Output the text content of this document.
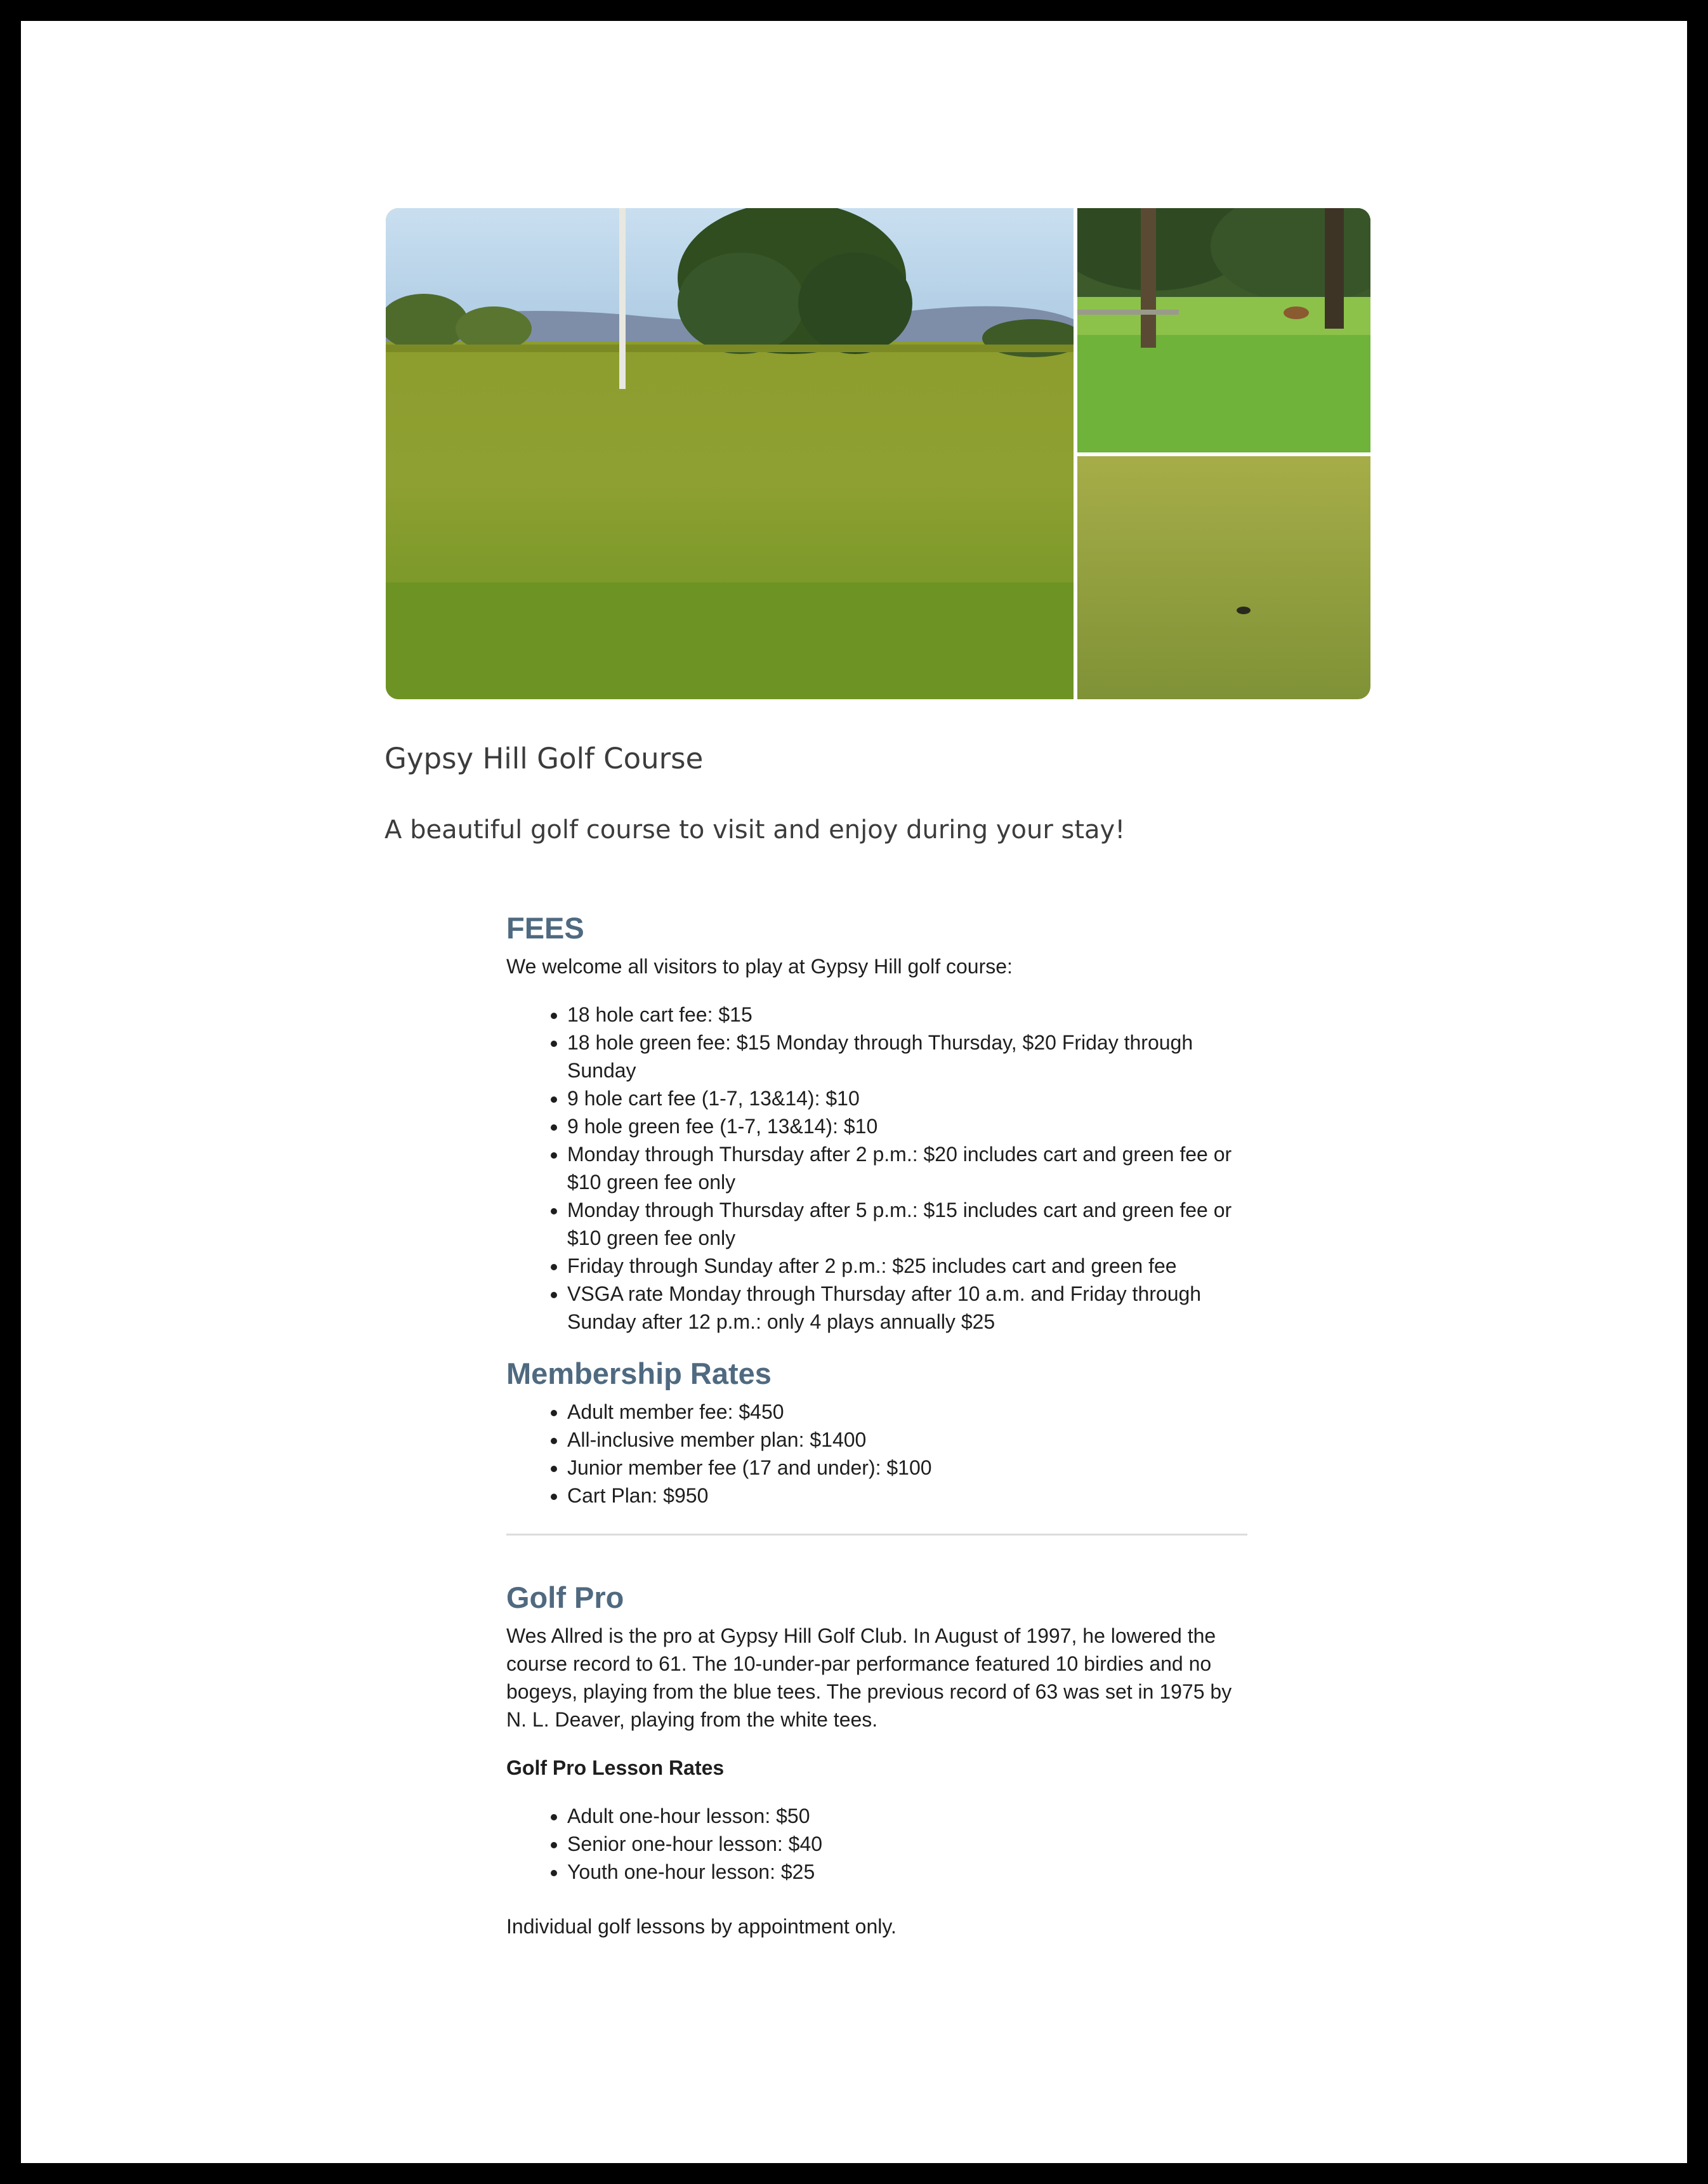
Gypsy Hill Golf Course

A beautiful golf course to visit and enjoy during your stay!

FEES

We welcome all visitors to play at Gypsy Hill golf course:

• 18 hole cart fee: $15
• 18 hole green fee: $15 Monday through Thursday, $20 Friday through Sunday
• 9 hole cart fee (1-7, 13&14): $10
• 9 hole green fee (1-7, 13&14): $10
• Monday through Thursday after 2 p.m.: $20 includes cart and green fee or $10 green fee only
• Monday through Thursday after 5 p.m.: $15 includes cart and green fee or $10 green fee only
• Friday through Sunday after 2 p.m.: $25 includes cart and green fee
• VSGA rate Monday through Thursday after 10 a.m. and Friday through Sunday after 12 p.m.: only 4 plays annually $25
Membership Rates
• Adult member fee: $450
• All-inclusive member plan: $1400
• Junior member fee (17 and under): $100
• Cart Plan: $950
Golf Pro

Wes Allred is the pro at Gypsy Hill Golf Club. In August of 1997, he lowered the course record to 61. The 10-under-par performance featured 10 birdies and no bogeys, playing from the blue tees. The previous record of 63 was set in 1975 by N. L. Deaver, playing from the white tees.

Golf Pro Lesson Rates

• Adult one-hour lesson: $50
• Senior one-hour lesson: $40
• Youth one-hour lesson: $25

Individual golf lessons by appointment only.
